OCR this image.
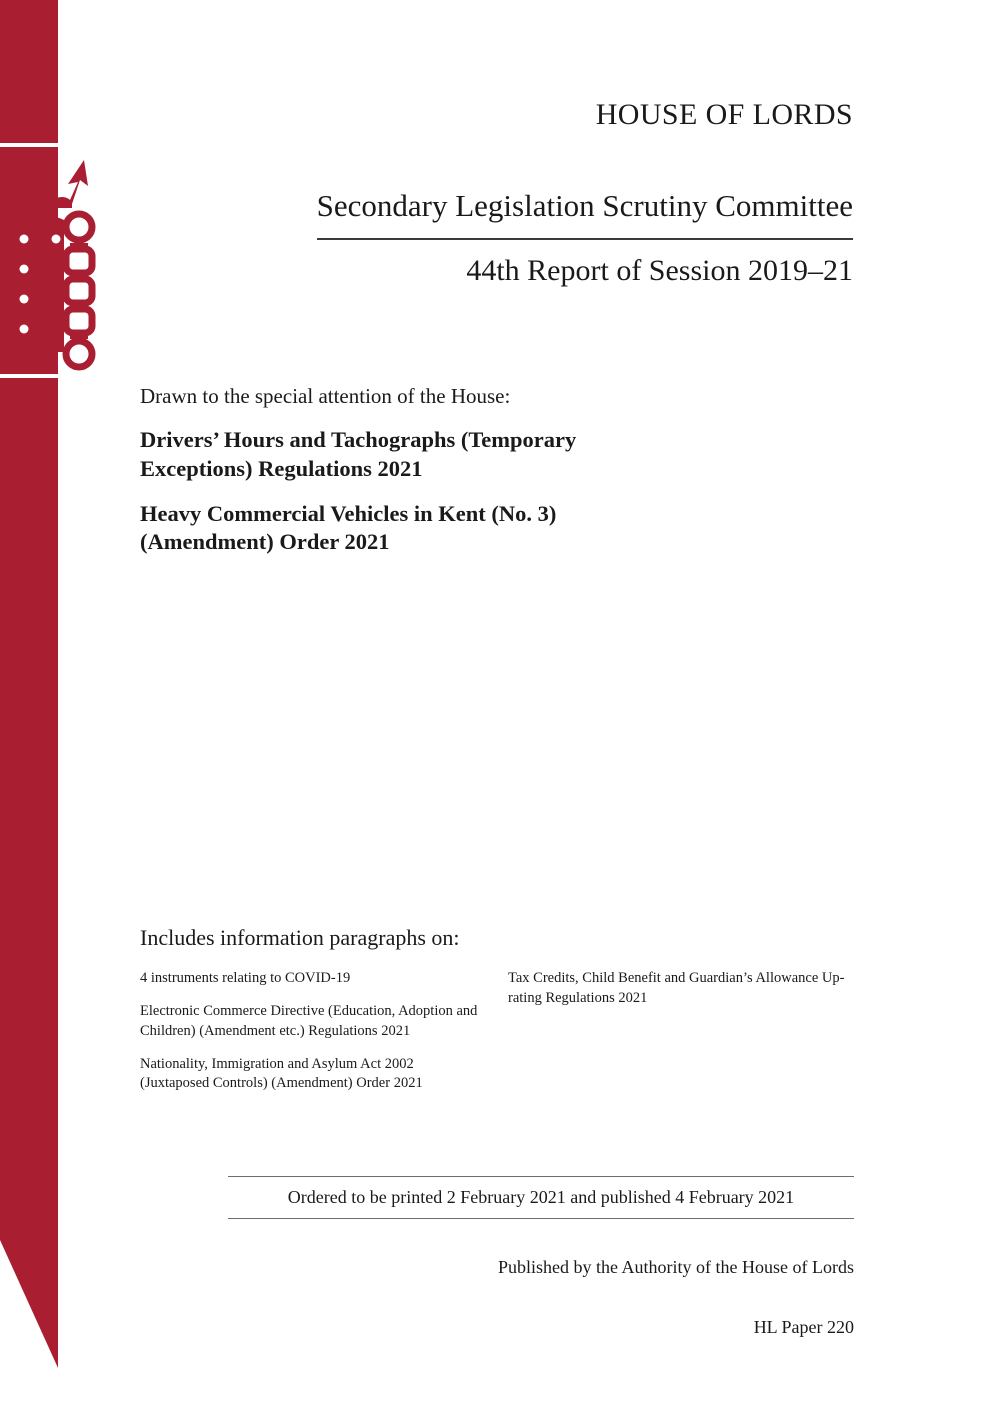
HOUSE OF LORDS
Secondary Legislation Scrutiny Committee
44th Report of Session 2019–21
Drawn to the special attention of the House:
Drivers’ Hours and Tachographs (Temporary Exceptions) Regulations 2021
Heavy Commercial Vehicles in Kent (No. 3) (Amendment) Order 2021
Includes information paragraphs on:
4 instruments relating to COVID-19
Electronic Commerce Directive (Education, Adoption and Children) (Amendment etc.) Regulations 2021
Nationality, Immigration and Asylum Act 2002 (Juxtaposed Controls) (Amendment) Order 2021
Tax Credits, Child Benefit and Guardian’s Allowance Up-rating Regulations 2021
Ordered to be printed 2 February 2021 and published 4 February 2021
Published by the Authority of the House of Lords
HL Paper 220
